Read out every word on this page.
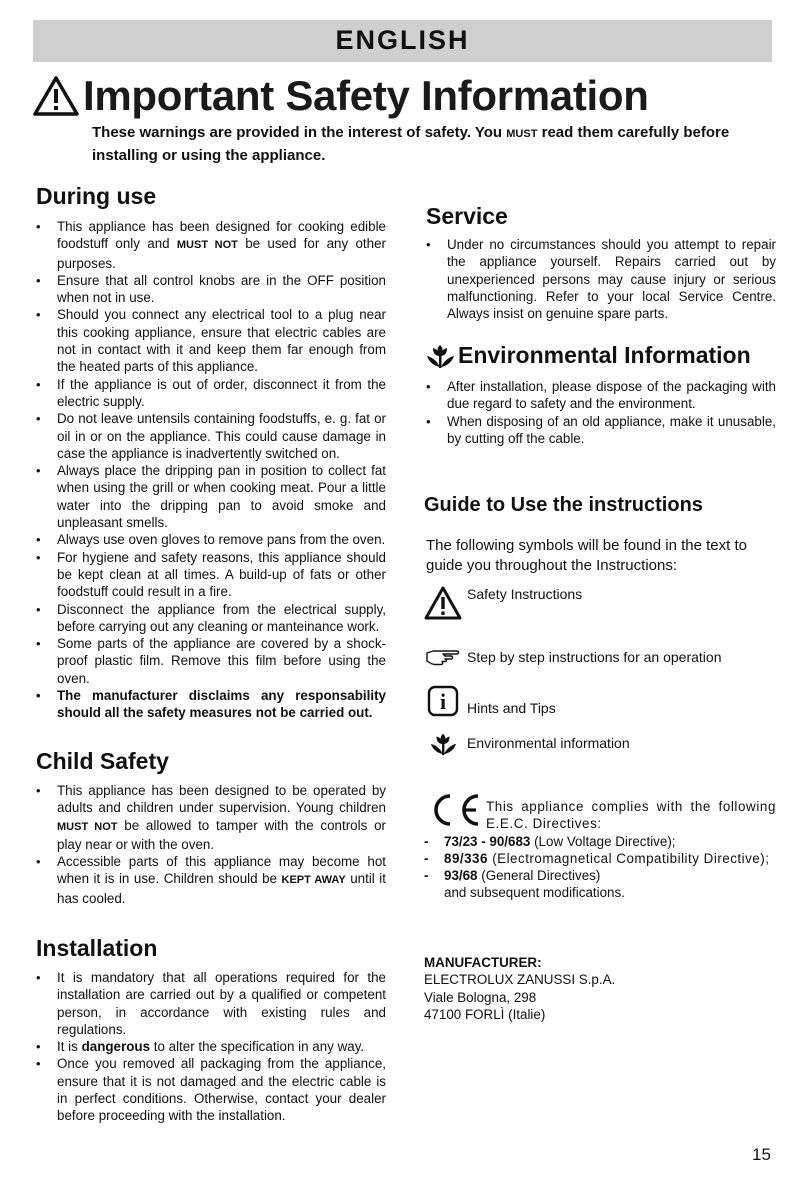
ENGLISH
Important Safety Information
These warnings are provided in the interest of safety. You MUST read them carefully before installing or using the appliance.
During use
• This appliance has been designed for cooking edible foodstuff only and MUST NOT be used for any other purposes.
• Ensure that all control knobs are in the OFF position when not in use.
• Should you connect any electrical tool to a plug near this cooking appliance, ensure that electric cables are not in contact with it and keep them far enough from the heated parts of this appliance.
• If the appliance is out of order, disconnect it from the electric supply.
• Do not leave untensils containing foodstuffs, e. g. fat or oil in or on the appliance. This could cause damage in case the appliance is inadvertently switched on.
• Always place the dripping pan in position to collect fat when using the grill or when cooking meat. Pour a little water into the dripping pan to avoid smoke and unpleasant smells.
• Always use oven gloves to remove pans from the oven.
• For hygiene and safety reasons, this appliance should be kept clean at all times. A build-up of fats or other foodstuff could result in a fire.
• Disconnect the appliance from the electrical supply, before carrying out any cleaning or manteinance work.
• Some parts of the appliance are covered by a shock-proof plastic film. Remove this film before using the oven.
• The manufacturer disclaims any responsability should all the safety measures not be carried out.
Child Safety
• This appliance has been designed to be operated by adults and children under supervision. Young children MUST NOT be allowed to tamper with the controls or play near or with the oven.
• Accessible parts of this appliance may become hot when it is in use. Children should be KEPT AWAY until it has cooled.
Installation
• It is mandatory that all operations required for the installation are carried out by a qualified or competent person, in accordance with existing rules and regulations.
• It is dangerous to alter the specification in any way.
• Once you removed all packaging from the appliance, ensure that it is not damaged and the electric cable is in perfect conditions. Otherwise, contact your dealer before proceeding with the installation.
Service
• Under no circumstances should you attempt to repair the appliance yourself. Repairs carried out by unexperienced persons may cause injury or serious malfunctioning. Refer to your local Service Centre. Always insist on genuine spare parts.
Environmental Information
• After installation, please dispose of the packaging with due regard to safety and the environment.
• When disposing of an old appliance, make it unusable, by cutting off the cable.
Guide to Use the instructions
The following symbols will be found in the text to guide you throughout the Instructions:
Safety Instructions
Step by step instructions for an operation
i Hints and Tips
Environmental information
This appliance complies with the following E.E.C. Directives:
-	73/23 - 90/683 (Low Voltage Directive);
-	89/336 (Electromagnetical Compatibility Directive);
-	93/68 (General Directives)
and subsequent modifications.
MANUFACTURER:
ELECTROLUX ZANUSSI S.p.A.
Viale Bologna, 298
47100 FORLÌ (Italie)
15
